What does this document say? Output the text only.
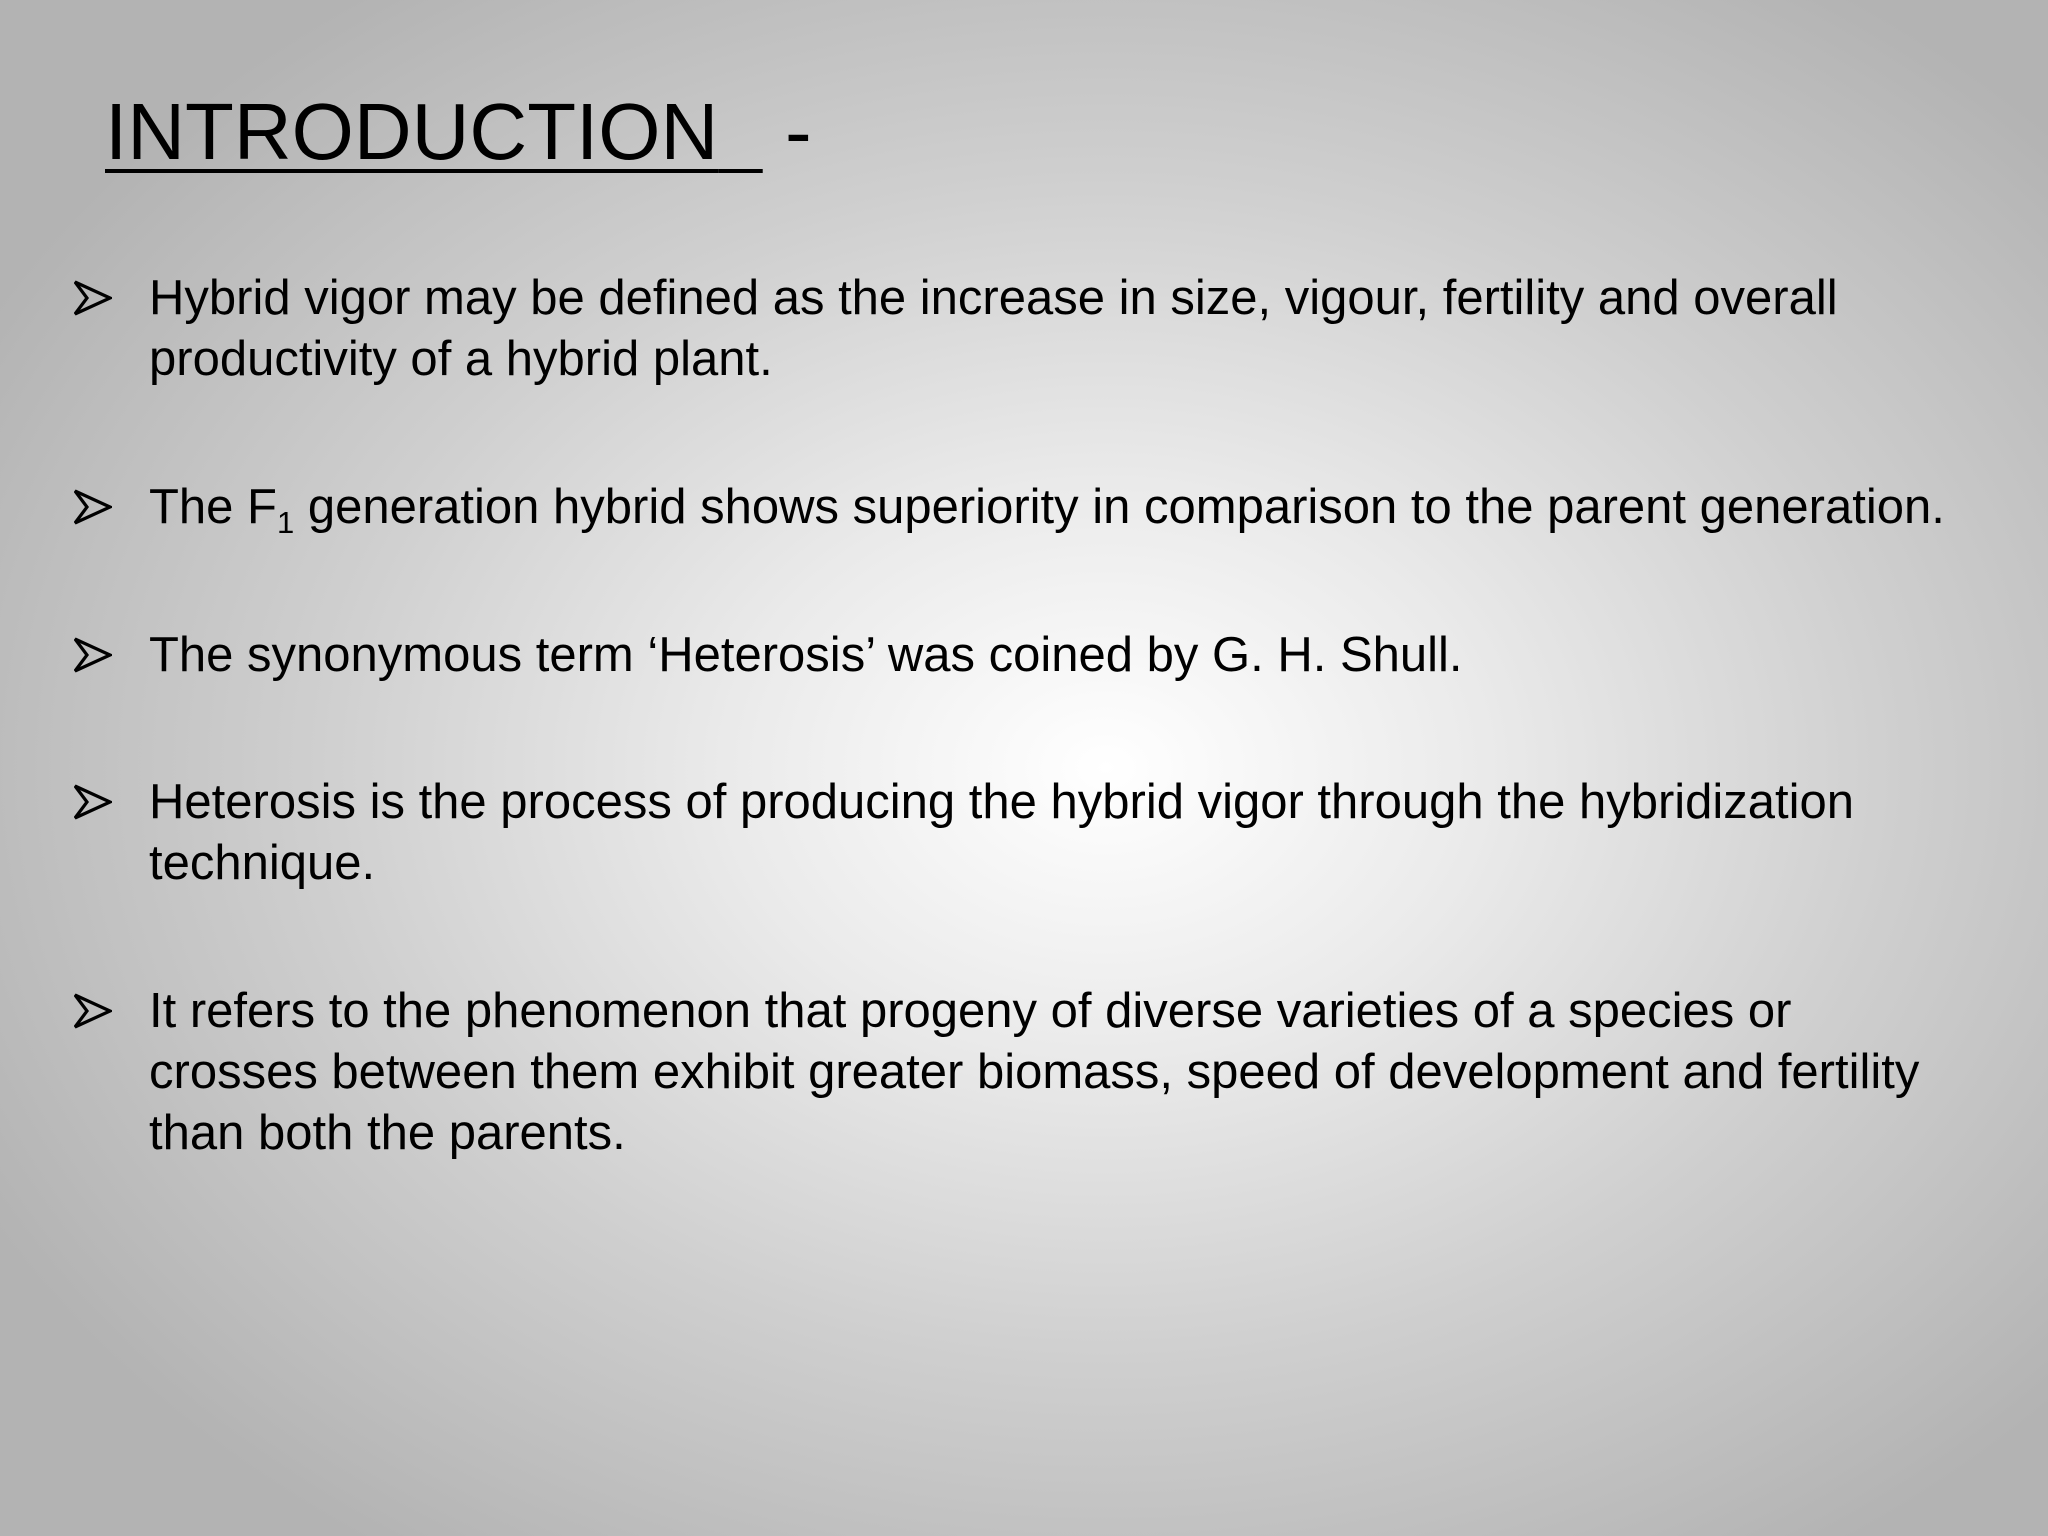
INTRODUCTION -
Hybrid vigor may be defined as the increase in size, vigour, fertility and overall productivity of a hybrid plant.
The $F_1$ generation hybrid shows superiority in comparison to the parent generation.
The synonymous term ‘Heterosis’ was coined by G. H. Shull.
Heterosis is the process of producing the hybrid vigor through the hybridization technique.
It refers to the phenomenon that progeny of diverse varieties of a species or crosses between them exhibit greater biomass, speed of development and fertility than both the parents.
